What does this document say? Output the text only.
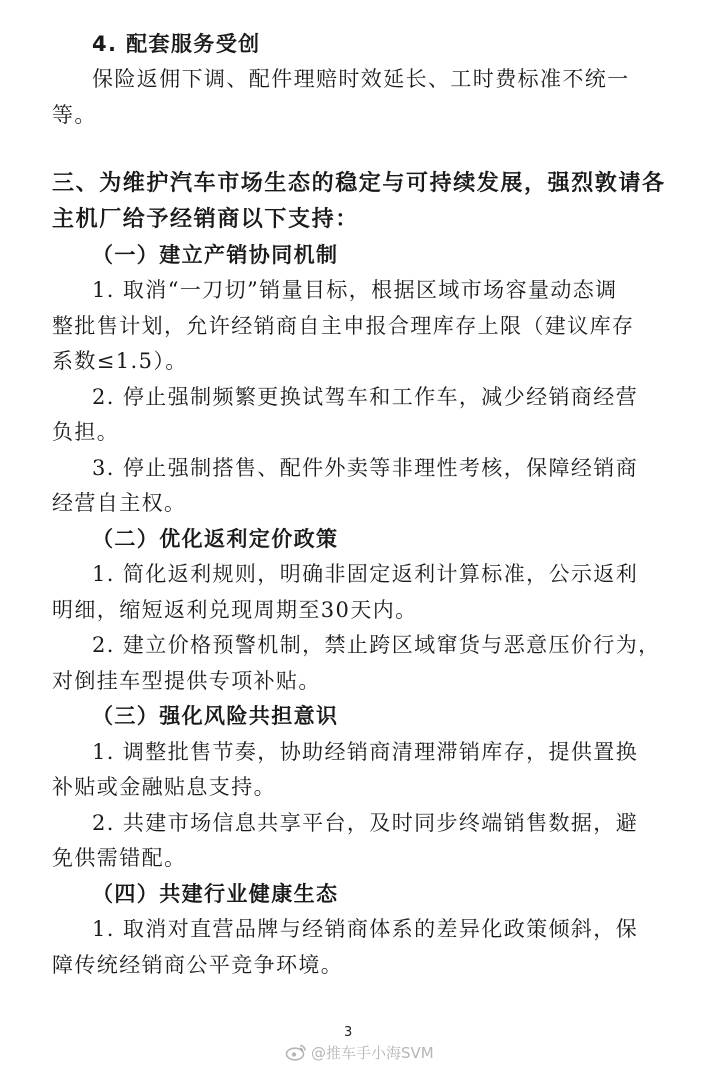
4. 配套服务受创
保险返佣下调、配件理赔时效延长、工时费标准不统一
等。
三、为维护汽车市场生态的稳定与可持续发展，强烈敦请各
主机厂给予经销商以下支持：
（一）建立产销协同机制
1. 取消“一刀切”销量目标，根据区域市场容量动态调
整批售计划，允许经销商自主申报合理库存上限（建议库存
系数≤1.5）。
2. 停止强制频繁更换试驾车和工作车，减少经销商经营
负担。
3. 停止强制搭售、配件外卖等非理性考核，保障经销商
经营自主权。
（二）优化返利定价政策
1. 简化返利规则，明确非固定返利计算标准，公示返利
明细，缩短返利兑现周期至30天内。
2. 建立价格预警机制，禁止跨区域窜货与恶意压价行为，
对倒挂车型提供专项补贴。
（三）强化风险共担意识
1. 调整批售节奏，协助经销商清理滞销库存，提供置换
补贴或金融贴息支持。
2. 共建市场信息共享平台，及时同步终端销售数据，避
免供需错配。
（四）共建行业健康生态
1. 取消对直营品牌与经销商体系的差异化政策倾斜，保
障传统经销商公平竞争环境。
3
@推车手小海SVM
